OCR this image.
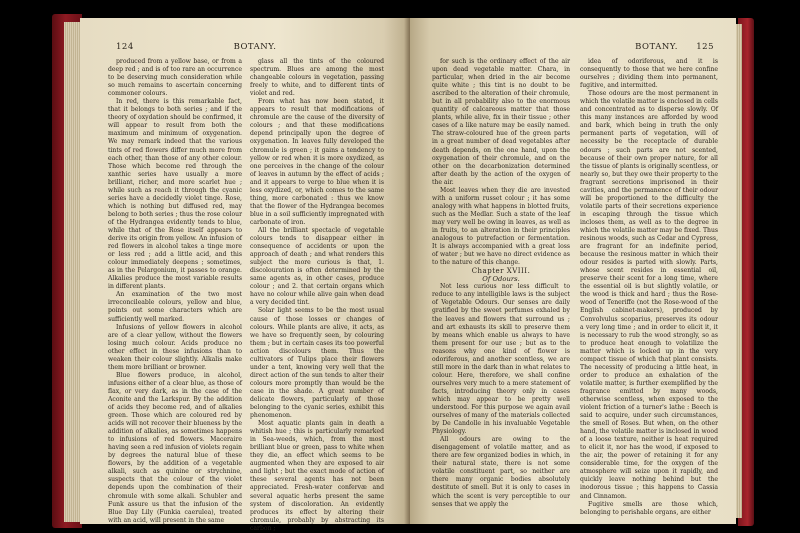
124	BOTANY.

produced from a yellow base, or from a deep red ; and is of too rare an occurrence to be deserving much consideration while so much remains to ascertain concerning commoner colours.

In red, there is this remarkable fact, that it belongs to both series ; and if the theory of oxydation should be confirmed, it will appear to result from both the maximum and minimum of oxygenation. We may remark indeed that the various tints of red flowers differ much more from each other, than those of any other colour. Those which become red through the xanthic series have usually a more brilliant, richer, and more scarlet hue ; while such as reach it through the cyanic series have a decidedly violet tinge. Rose, which is nothing but diffused red, may belong to both series ; thus the rose colour of the Hydrangea evidently tends to blue, while that of the Rose itself appears to derive its origin from yellow. An infusion of red flowers in alcohol takes a tinge more or less red ; add a little acid, and this colour immediately deepens ; sometimes, as in the Pelargonium, it passes to orange. Alkalies produce the most variable results in different plants.

An examination of the two most irreconcileable colours, yellow and blue, points out some characters which are sufficiently well marked.

Infusions of yellow flowers in alcohol are of a clear yellow, without the flowers losing much colour. Acids produce no other effect in these infusions than to weaken their colour slightly. Alkalis make them more brilliant or browner.

Blue flowers produce, in alcohol, infusions either of a clear blue, as those of flax, or very dark, as in the case of the Aconite and the Larkspur. By the addition of acids they become red, and of alkalies green. Those which are coloured red by acids will not recover their blueness by the addition of alkalies, as sometimes happens to infusions of red flowers. Maceraire having seen a red infusion of violets regain by degrees the natural blue of these flowers, by the addition of a vegetable alkali, such as quinine or strychnine, suspects that the colour of the violet depends upon the combination of their chromule with some alkali. Schubler and Funk assure us that the infusion of the Blue Day Lily (Funkia caerulea), treated with an acid, will present in the same

glass all the tints of the coloured spectrum. Blues are among the most changeable colours in vegetation, passing freely to white, and to different tints of violet and red.

From what has now been stated, it appears to result that modifications of chromule are the cause of the diversity of colours ; and that these modifications depend principally upon the degree of oxygenation. In leaves fully developed the chromule is green ; it gains a tendency to yellow or red when it is more oxydized, as one perceives in the change of the colour of leaves in autumn by the effect of acids ; and it appears to verge to blue when it is less oxydized, or, which comes to the same thing, more carbonated : thus we know that the flower of the Hydrangea becomes blue in a soil sufficiently impregnated with carbonate of iron.

All the brilliant spectacle of vegetable colours tends to disappear either in consequence of accidents or upon the approach of death ; and what renders this subject the more curious is that, 1. discolouration is often determined by the same agents as, in other cases, produce colour ; and 2. that certain organs which have no colour while alive gain when dead a very decided tint.

Solar light seems to be the most usual cause of those losses or changes of colours. While plants are alive, it acts, as we have so frequently seen, by colouring them ; but in certain cases its too powerful action discolours them. Thus the cultivators of Tulips place their flowers under a tent, knowing very well that the direct action of the sun tends to alter their colours more promptly than would be the case in the shade. A great number of delicate flowers, particularly of those belonging to the cyanic series, exhibit this phenomenon.

Most aquatic plants gain in death a whitish hue ; this is particularly remarked in Sea-weeds, which, from the most brilliant blue or green, pass to white when they die, an effect which seems to be augmented when they are exposed to air and light ; but the exact mode of action of these several agents has not been appreciated. Fresh-water confervæ and several aquatic herbs present the same system of discoloration. An evidently produces its effect by altering their chromule, probably by abstracting its carbon ;

BOTANY.	125

for such is the ordinary effect of the air upon dead vegetable matter. Chara, in particular, when dried in the air become quite white ; this tint is no doubt to be ascribed to the alteration of their chromule, but in all probability also to the enormous quantity of calcareous matter that those plants, while alive, fix in their tissue ; other cases of a like nature may be easily named. The straw-coloured hue of the green parts in a great number of dead vegetables after death depends, on the one hand, upon the oxygenation of their chromule, and on the other on the decarbonization determined after death by the action of the oxygen of the air.

Most leaves when they die are invested with a uniform russet colour ; it has some analogy with what happens in blotted fruits, such as the Medlar. Such a state of the leaf may very well be owing in leaves, as well as in fruits, to an alteration in their principles analogous to putrefaction or fermentation. It is always accompanied with a great loss of water ; but we have no direct evidence as to the nature of this change.

Chapter XVIII.

Of Odours.

Not less curious nor less difficult to reduce to any intelligible laws is the subject of Vegetable Odours. Our senses are daily gratified by the sweet perfumes exhaled by the leaves and flowers that surround us ; and art exhausts its skill to preserve them by means which enable us always to have them present for our use ; but as to the reasons why one kind of flower is odoriferous, and another scentless, we are still more in the dark than in what relates to colour. Here, therefore, we shall confine ourselves very much to a mere statement of facts, introducing theory only in cases which may appear to be pretty well understood. For this purpose we again avail ourselves of many of the materials collected by De Candolle in his invaluable Vegetable Physiology.

All odours are owing to the disengagement of volatile matter, and as there are few organized bodies in which, in their natural state, there is not some volatile constituent part, so neither are there many organic bodies absolutely destitute of smell. But it is only to cases in which the scent is very perceptible to our senses that we apply the

idea of odoriferous, and it is consequently to those that we here confine ourselves ; dividing them into permanent, fugitive, and intermitted.

Those odours are the most permanent in which the volatile matter is enclosed in cells and concentrated as to disperse slowly. Of this many instances are afforded by wood and bark, which being in truth the only permanent parts of vegetation, will of necessity be the receptacle of durable odours ; such parts are not scented, because of their own proper nature, for all the tissue of plants is originally scentless, or nearly so, but they owe their property to the fragrant secretions imprisoned in their cavities, and the permanence of their odour will be proportioned to the difficulty the volatile parts of their secretions experience in escaping through the tissue which incloses them, as well as to the degree in which the volatile matter may be fixed. Thus resinous woods, such as Cedar and Cypress, are fragrant for an indefinite period, because the resinous matter in which their odour resides is parted with slowly. Parts, whose scent resides in essential oil, preserve their scent for a long time, where the essential oil is but slightly volatile, or the wood is thick and hard ; thus the Rose-wood of Teneriffe (not the Rose-wood of the English cabinet-makers), produced by Convolvulus scoparius, preserves its odour a very long time ; and in order to elicit it, it is necessary to rub the wood strongly, so as to produce heat enough to volatilize the matter which is locked up in the very compact tissue of which that plant consists. The necessity of producing a little heat, in order to produce an exhalation of the volatile matter, is further exemplified by the fragrance emitted by many woods, otherwise scentless, when exposed to the violent friction of a turner's lathe : Beech is said to acquire, under such circumstances, the smell of Roses. But when, on the other hand, the volatile matter is inclosed in wood of a loose texture, neither is heat required to elicit it, nor has the wood, if exposed to the air, the power of retaining it for any considerable time, for the oxygen of the atmosphere will seize upon it rapidly, and quickly leave nothing behind but the inodorous tissue ; this happens to Cassia and Cinnamon.

Fugitive smells are those which, belonging to perishable organs, are either
